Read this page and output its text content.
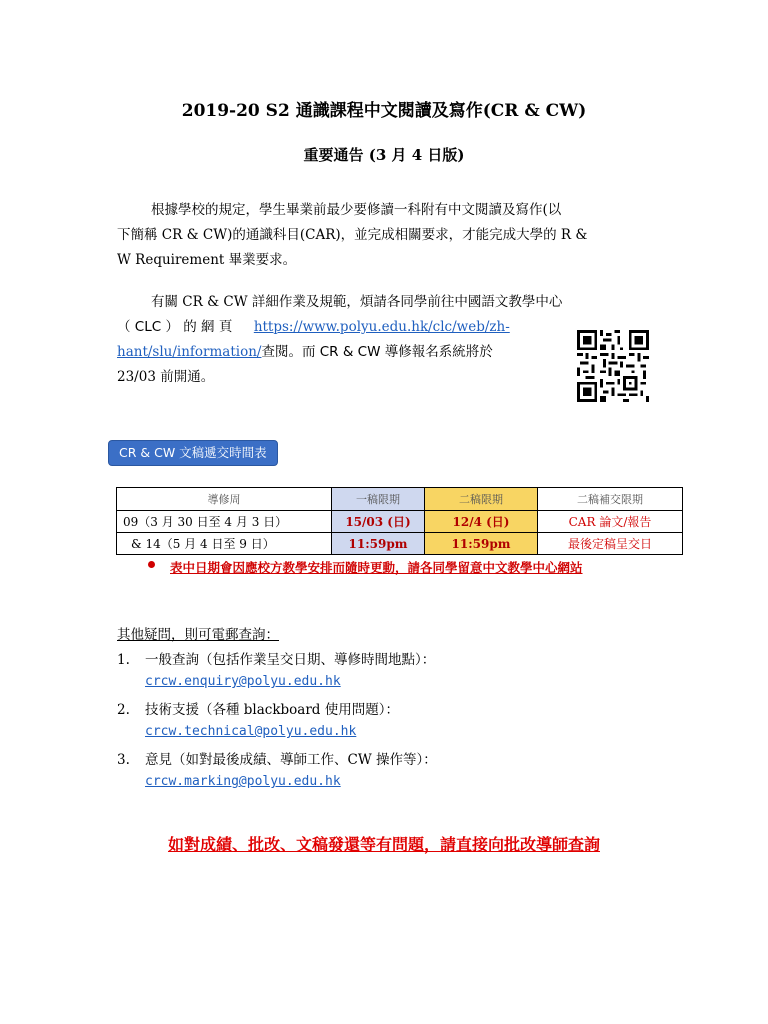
2019-20 S2 通識課程中文閱讀及寫作(CR & CW)
重要通告 (3 月 4 日版)
根據學校的規定，學生畢業前最少要修讀一科附有中文閱讀及寫作(以
下簡稱 CR & CW)的通識科目(CAR)，並完成相關要求，才能完成大學的 R &
W Requirement 畢業要求。
有關 CR & CW 詳細作業及規範，煩請各同學前往中國語文教學中心
（ CLC ） 的 網 頁 https://www.polyu.edu.hk/clc/web/zh-
hant/slu/information/查閱。而 CR & CW 導修報名系統將於
23/03 前開通。
CR & CW 文稿遞交時間表
導修周	一稿限期	二稿限期	二稿補交限期
09（3 月 30 日至 4 月 3 日）	15/03 (日)	12/4 (日)	CAR 論文/報告
& 14（5 月 4 日至 9 日）	11:59pm	11:59pm	最後定稿呈交日
表中日期會因應校方教學安排而隨時更動，請各同學留意中文教學中心網站
其他疑問，則可電郵查詢：
1. 一般查詢（包括作業呈交日期、導修時間地點）：
crcw.enquiry@polyu.edu.hk
2. 技術支援（各種 blackboard 使用問題）：
crcw.technical@polyu.edu.hk
3. 意見（如對最後成績、導師工作、CW 操作等）：
crcw.marking@polyu.edu.hk
如對成績、批改、文稿發還等有問題，請直接向批改導師查詢
